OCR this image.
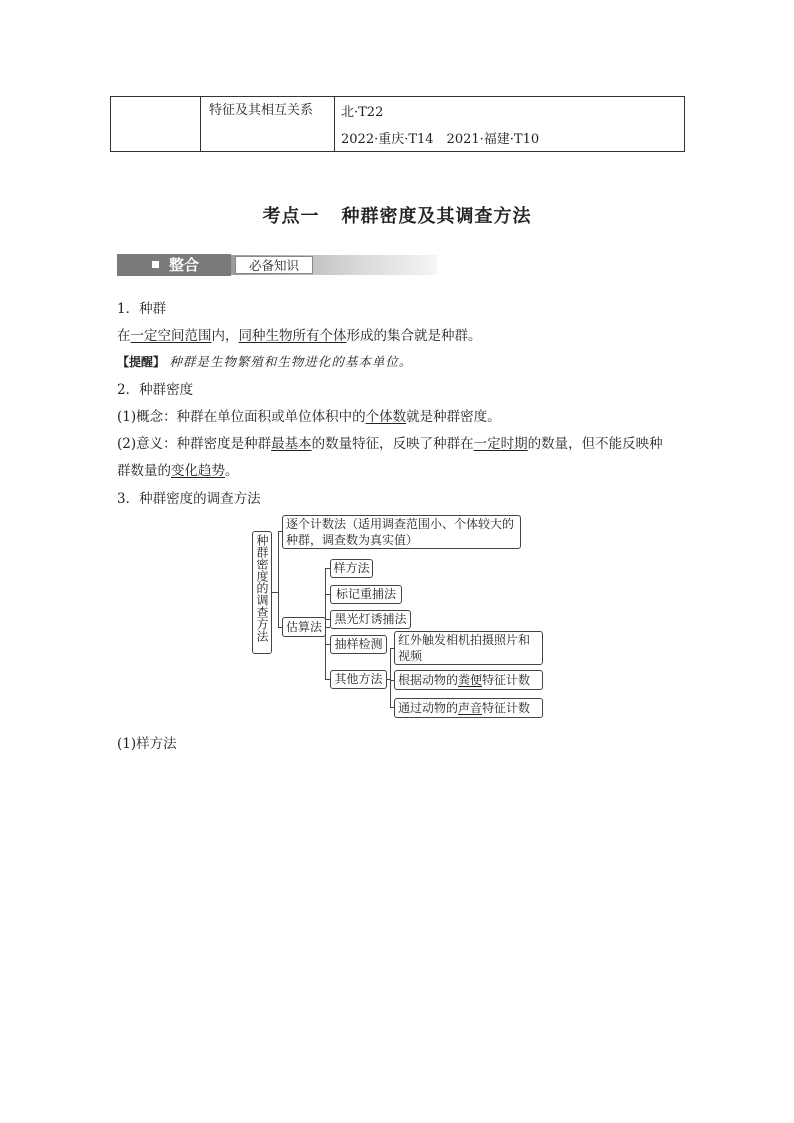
特征及其相互关系	北·T22
2022·重庆·T14　2021·福建·T10
考点一 种群密度及其调查方法
整合	必备知识
1．种群
在一定空间范围内，同种生物所有个体形成的集合就是种群。
【提醒】 种群是生物繁殖和生物进化的基本单位。
2．种群密度
(1)概念：种群在单位面积或单位体积中的个体数就是种群密度。
(2)意义：种群密度是种群最基本的数量特征，反映了种群在一定时期的数量，但不能反映种
群数量的变化趋势。
3．种群密度的调查方法
种群密度的调查方法
逐个计数法（适用调查范围小、个体较大的种群，调查数为真实值）
估算法
样方法
标记重捕法
黑光灯诱捕法
抽样检测
其他方法
红外触发相机拍摄照片和视频
根据动物的粪便特征计数
通过动物的声音特征计数
(1)样方法
